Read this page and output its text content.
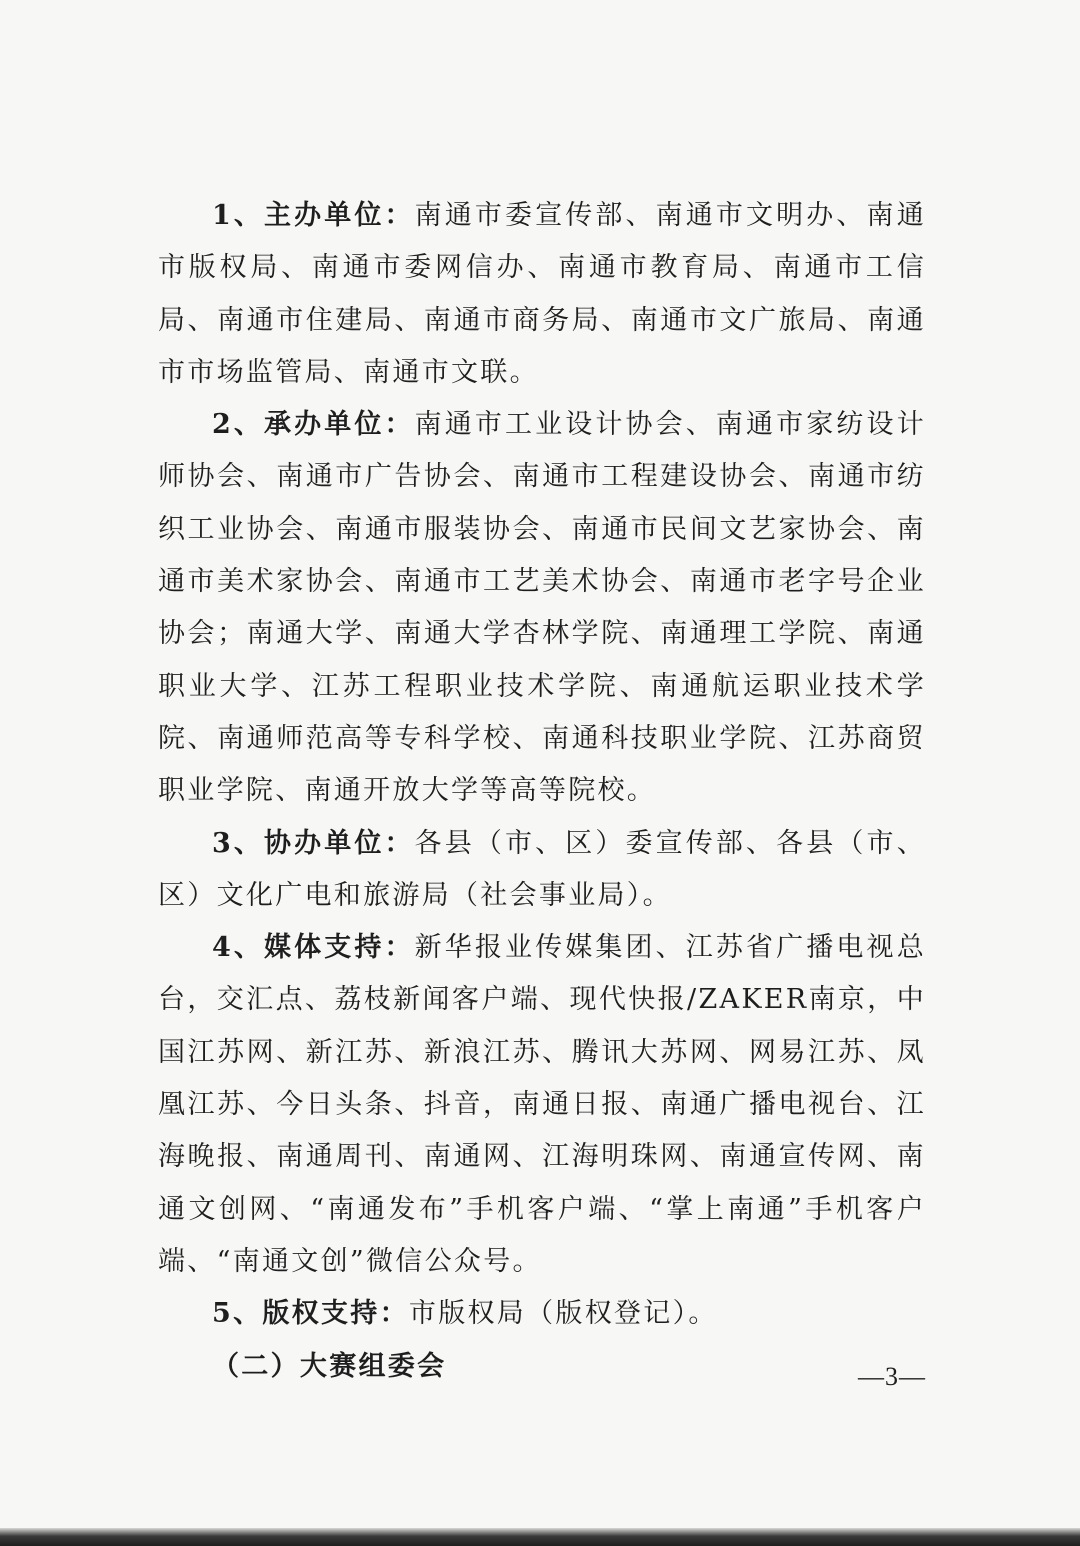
1、主办单位：南通市委宣传部、南通市文明办、南通市版权局、南通市委网信办、南通市教育局、南通市工信局、南通市住建局、南通市商务局、南通市文广旅局、南通市市场监管局、南通市文联。

2、承办单位：南通市工业设计协会、南通市家纺设计师协会、南通市广告协会、南通市工程建设协会、南通市纺织工业协会、南通市服装协会、南通市民间文艺家协会、南通市美术家协会、南通市工艺美术协会、南通市老字号企业协会；南通大学、南通大学杏林学院、南通理工学院、南通职业大学、江苏工程职业技术学院、南通航运职业技术学院、南通师范高等专科学校、南通科技职业学院、江苏商贸职业学院、南通开放大学等高等院校。

3、协办单位：各县（市、区）委宣传部、各县（市、区）文化广电和旅游局（社会事业局）。

4、媒体支持：新华报业传媒集团、江苏省广播电视总台，交汇点、荔枝新闻客户端、现代快报/ZAKER南京，中国江苏网、新江苏、新浪江苏、腾讯大苏网、网易江苏、凤凰江苏、今日头条、抖音，南通日报、南通广播电视台、江海晚报、南通周刊、南通网、江海明珠网、南通宣传网、南通文创网、“南通发布”手机客户端、“掌上南通”手机客户端、“南通文创”微信公众号。

5、版权支持：市版权局（版权登记）。

（二）大赛组委会	—3—
